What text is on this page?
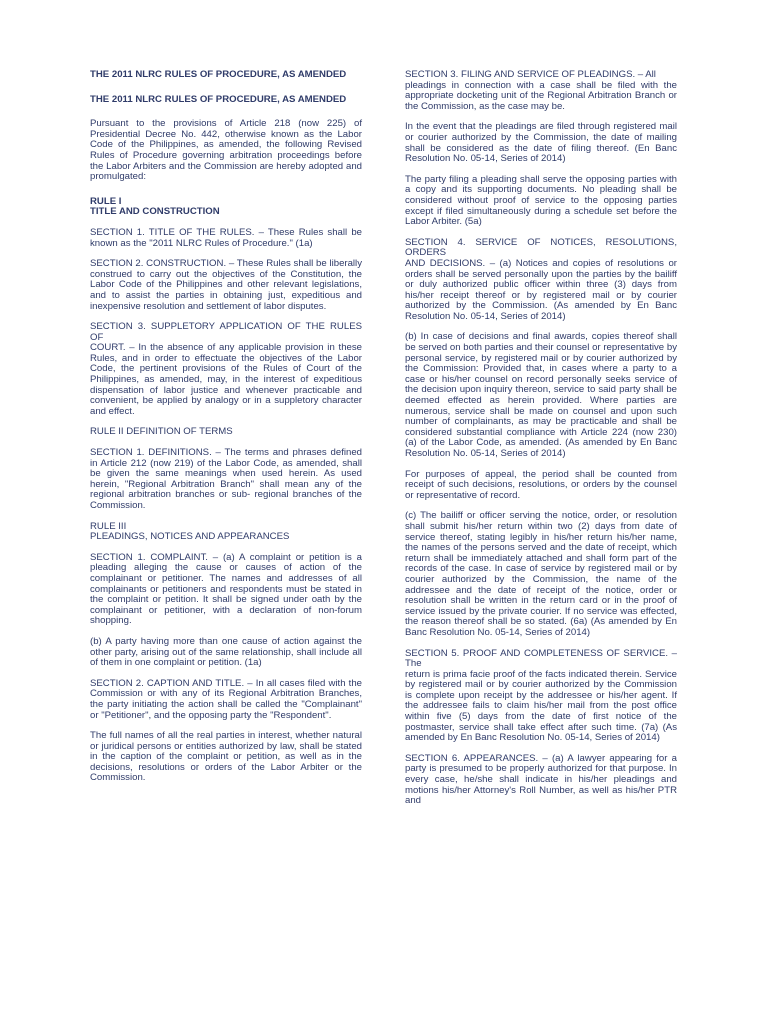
THE 2011 NLRC RULES OF PROCEDURE, AS AMENDED

THE 2011 NLRC RULES OF PROCEDURE, AS AMENDED

Pursuant to the provisions of Article 218 (now 225) of Presidential Decree No. 442, otherwise known as the Labor Code of the Philippines, as amended, the following Revised Rules of Procedure governing arbitration proceedings before the Labor Arbiters and the Commission are hereby adopted and promulgated:

RULE I
TITLE AND CONSTRUCTION

SECTION 1. TITLE OF THE RULES. – These Rules shall be known as the "2011 NLRC Rules of Procedure." (1a)

SECTION 2. CONSTRUCTION. – These Rules shall be liberally construed to carry out the objectives of the Constitution, the Labor Code of the Philippines and other relevant legislations, and to assist the parties in obtaining just, expeditious and inexpensive resolution and settlement of labor disputes.

SECTION 3. SUPPLETORY APPLICATION OF THE RULES OF
COURT. – In the absence of any applicable provision in these Rules, and in order to effectuate the objectives of the Labor Code, the pertinent provisions of the Rules of Court of the Philippines, as amended, may, in the interest of expeditious dispensation of labor justice and whenever practicable and convenient, be applied by analogy or in a suppletory character and effect.

RULE II DEFINITION OF TERMS

SECTION 1. DEFINITIONS. – The terms and phrases defined in Article 212 (now 219) of the Labor Code, as amended, shall be given the same meanings when used herein. As used herein, "Regional Arbitration Branch" shall mean any of the regional arbitration branches or sub- regional branches of the Commission.

RULE III
PLEADINGS, NOTICES AND APPEARANCES

SECTION 1. COMPLAINT. – (a) A complaint or petition is a pleading alleging the cause or causes of action of the complainant or petitioner. The names and addresses of all complainants or petitioners and respondents must be stated in the complaint or petition. It shall be signed under oath by the complainant or petitioner, with a declaration of non-forum shopping.

(b) A party having more than one cause of action against the other party, arising out of the same relationship, shall include all of them in one complaint or petition. (1a)

SECTION 2. CAPTION AND TITLE. – In all cases filed with the Commission or with any of its Regional Arbitration Branches, the party initiating the action shall be called the "Complainant" or "Petitioner", and the opposing party the "Respondent".

The full names of all the real parties in interest, whether natural or juridical persons or entities authorized by law, shall be stated in the caption of the complaint or petition, as well as in the decisions, resolutions or orders of the Labor Arbiter or the Commission.

SECTION 3. FILING AND SERVICE OF PLEADINGS. – All
pleadings in connection with a case shall be filed with the appropriate docketing unit of the Regional Arbitration Branch or the Commission, as the case may be.

In the event that the pleadings are filed through registered mail or courier authorized by the Commission, the date of mailing shall be considered as the date of filing thereof. (En Banc Resolution No. 05-14, Series of 2014)

The party filing a pleading shall serve the opposing parties with a copy and its supporting documents. No pleading shall be considered without proof of service to the opposing parties except if filed simultaneously during a schedule set before the Labor Arbiter. (5a)

SECTION 4. SERVICE OF NOTICES, RESOLUTIONS, ORDERS
AND DECISIONS. – (a) Notices and copies of resolutions or orders shall be served personally upon the parties by the bailiff or duly authorized public officer within three (3) days from his/her receipt thereof or by registered mail or by courier authorized by the Commission. (As amended by En Banc Resolution No. 05-14, Series of 2014)

(b) In case of decisions and final awards, copies thereof shall be served on both parties and their counsel or representative by personal service, by registered mail or by courier authorized by the Commission: Provided that, in cases where a party to a case or his/her counsel on record personally seeks service of the decision upon inquiry thereon, service to said party shall be deemed effected as herein provided. Where parties are numerous, service shall be made on counsel and upon such number of complainants, as may be practicable and shall be considered substantial compliance with Article 224 (now 230) (a) of the Labor Code, as amended. (As amended by En Banc Resolution No. 05-14, Series of 2014)

For purposes of appeal, the period shall be counted from receipt of such decisions, resolutions, or orders by the counsel or representative of record.

(c) The bailiff or officer serving the notice, order, or resolution shall submit his/her return within two (2) days from date of service thereof, stating legibly in his/her return his/her name, the names of the persons served and the date of receipt, which return shall be immediately attached and shall form part of the records of the case. In case of service by registered mail or by courier authorized by the Commission, the name of the addressee and the date of receipt of the notice, order or resolution shall be written in the return card or in the proof of service issued by the private courier. If no service was effected, the reason thereof shall be so stated. (6a) (As amended by En Banc Resolution No. 05-14, Series of 2014)

SECTION 5. PROOF AND COMPLETENESS OF SERVICE. – The
return is prima facie proof of the facts indicated therein. Service by registered mail or by courier authorized by the Commission is complete upon receipt by the addressee or his/her agent. If the addressee fails to claim his/her mail from the post office within five (5) days from the date of first notice of the postmaster, service shall take effect after such time. (7a) (As amended by En Banc Resolution No. 05-14, Series of 2014)

SECTION 6. APPEARANCES. – (a) A lawyer appearing for a party is presumed to be properly authorized for that purpose. In every case, he/she shall indicate in his/her pleadings and motions his/her Attorney's Roll Number, as well as his/her PTR and
